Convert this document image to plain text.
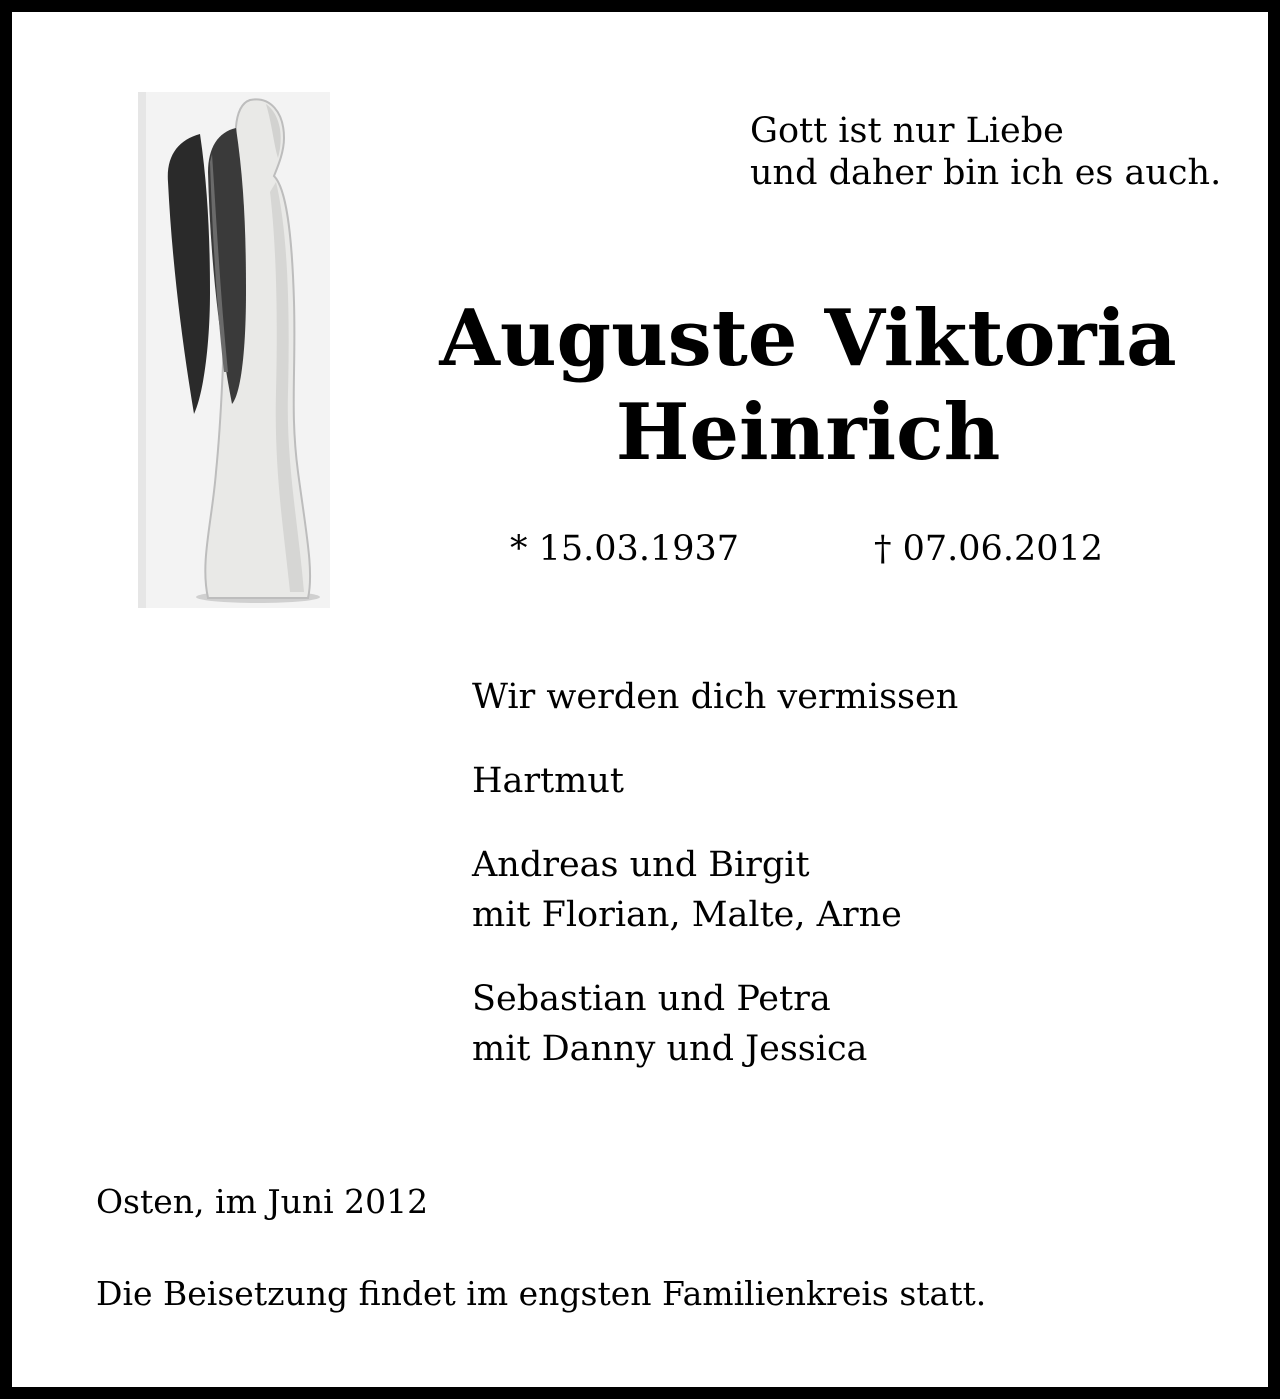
Gott ist nur Liebe
und daher bin ich es auch.
Auguste Viktoria
Heinrich
* 15.03.1937	† 07.06.2012
Wir werden dich vermissen
Hartmut
Andreas und Birgit
mit Florian, Malte, Arne
Sebastian und Petra
mit Danny und Jessica
Osten, im Juni 2012
Die Beisetzung findet im engsten Familienkreis statt.
